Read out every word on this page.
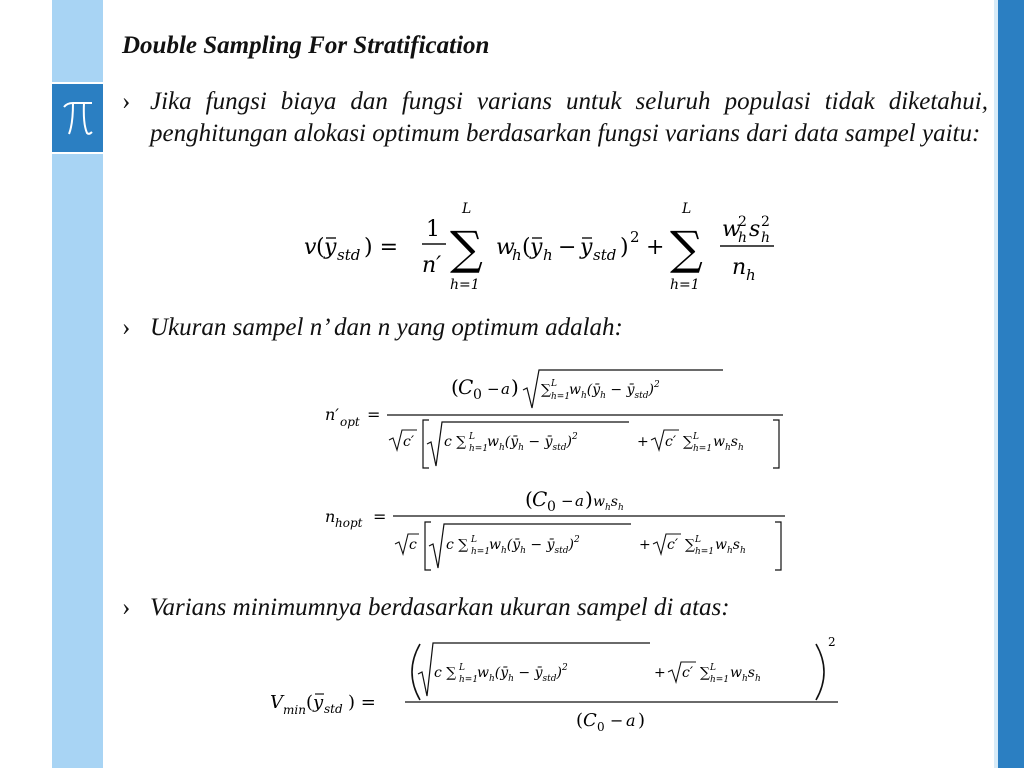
Double Sampling For Stratification
› Jika fungsi biaya dan fungsi varians untuk seluruh populasi tidak diketahui, penghitungan alokasi optimum berdasarkan fungsi varians dari data sampel yaitu:
v ( y std ) =
1
n′ ∑
L
h=1
w
h ( y h − y std ) 2 + ∑
L
h=1
w
h
2 s h
2
n h
› Ukuran sampel n’ dan n yang optimum adalah:
n′ opt =
( C 0 − a ) ∑ L
h=1
$w_h(ȳ_h$ − $ȳ_{std})^2$
c′ c ∑ L
h=1
$w_h(ȳ_h$ − $ȳ_{std})^2$	+ c′ ∑ L
h=1 $w_hs_h$
n hopt =
( C 0 − a ) $w_hs_h$
c c ∑ L
h=1
$w_h(ȳ_h$ − $ȳ_{std})^2$	+ c′ ∑ L
h=1 $w_hs_h$
› Varians minimumnya berdasarkan ukuran sampel di atas:
V min ( y std ) =
c ∑ L
h=1
$w_h(ȳ_h$ − $ȳ_{std})^2$	+ c′ ∑ L
h=1 $w_hs_h$
2
( C 0 − a )
